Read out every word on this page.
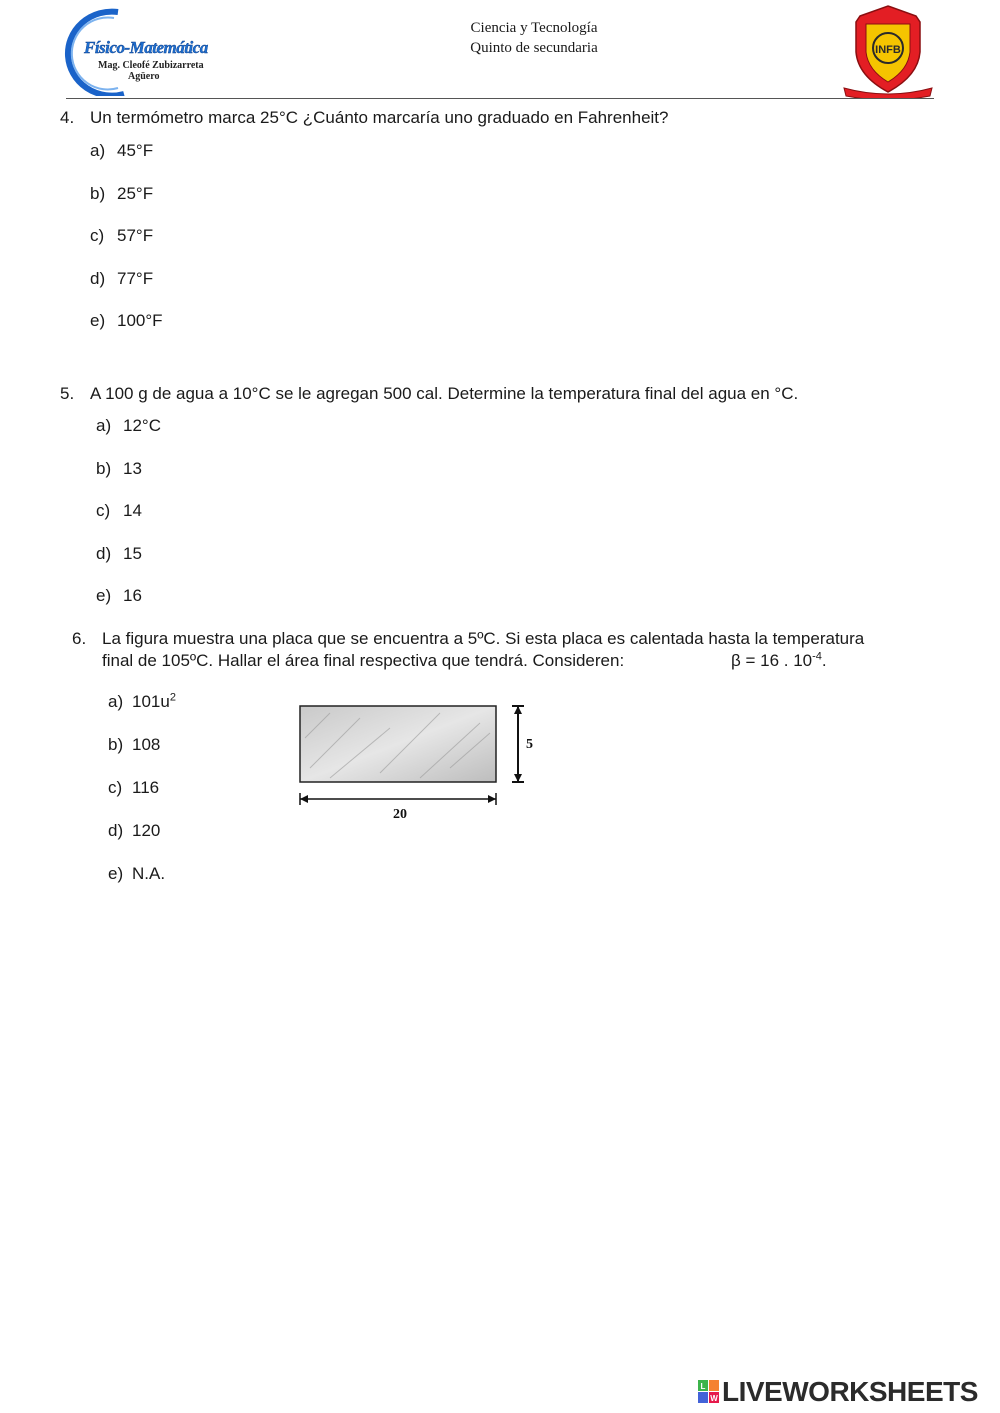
Físico-Matemática
Mag. Cleofé Zubizarreta
Agüero
Ciencia y Tecnología
Quinto de secundaria	INFB
4. Un termómetro marca 25°C ¿Cuánto marcaría uno graduado en Fahrenheit?
a) 45°F
b) 25°F
c) 57°F
d) 77°F
e) 100°F
5. A 100 g de agua a 10°C se le agregan 500 cal. Determine la temperatura final del agua en °C.
a) 12°C
b) 13
c) 14
d) 15
e) 16
6. La figura muestra una placa que se encuentra a 5ºC. Si esta placa es calentada hasta la temperatura
final de 105ºC. Hallar el área final respectiva que tendrá. Consideren:	β = 16 . $10^{-4}$.
a) $101u^2$
b) 108
c) 116
d) 120
e) N.A.
5
20
L
W LIVEWORKSHEETS
